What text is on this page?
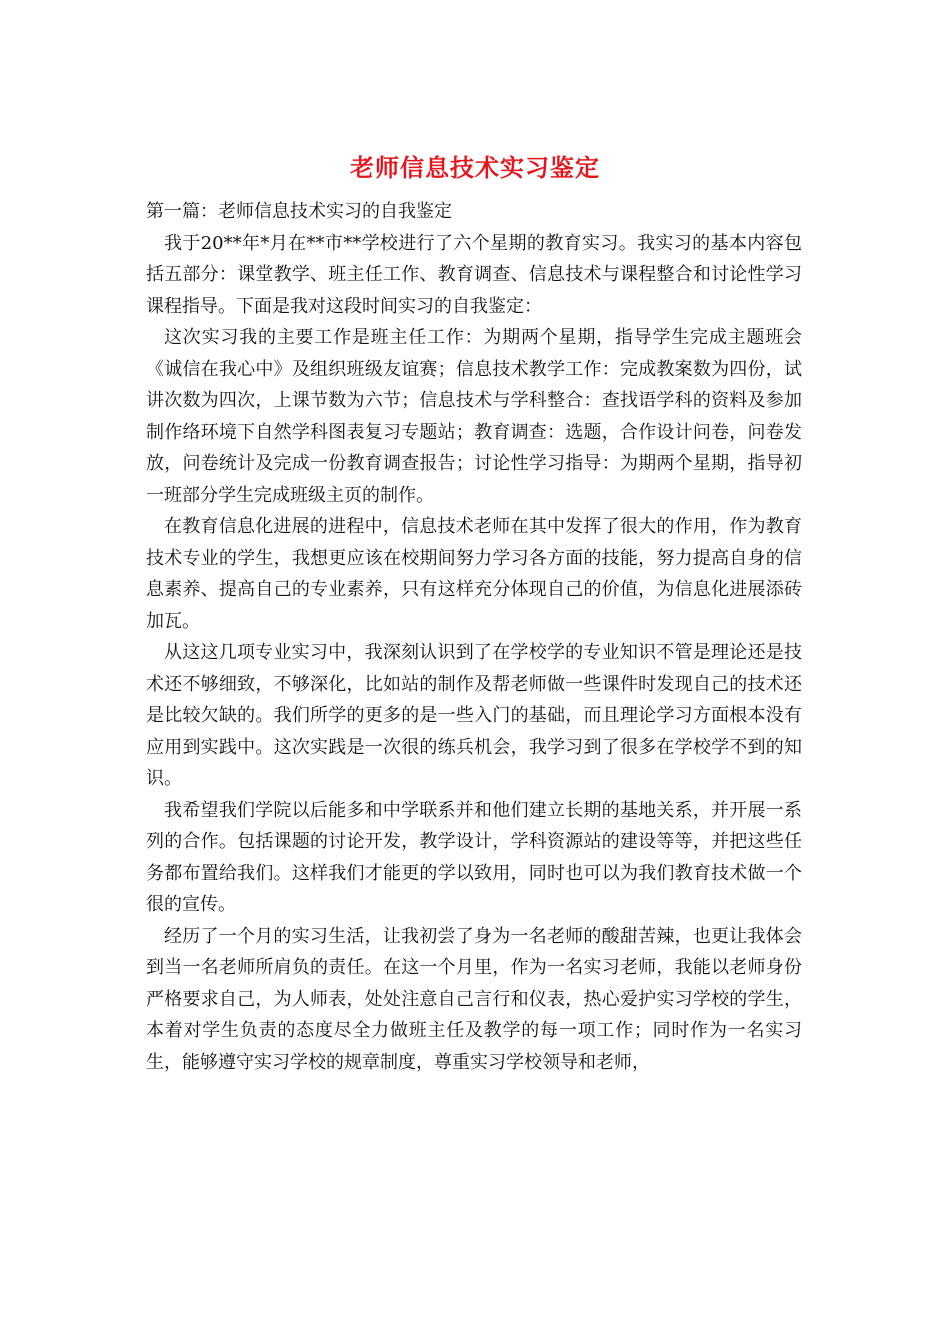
老师信息技术实习鉴定

第一篇：老师信息技术实习的自我鉴定

我于20**年*月在**市**学校进行了六个星期的教育实习。我实习的基本内容包括五部分：课堂教学、班主任工作、教育调查、信息技术与课程整合和讨论性学习课程指导。下面是我对这段时间实习的自我鉴定：

这次实习我的主要工作是班主任工作：为期两个星期，指导学生完成主题班会《诚信在我心中》及组织班级友谊赛；信息技术教学工作：完成教案数为四份，试讲次数为四次，上课节数为六节；信息技术与学科整合：查找语学科的资料及参加制作络环境下自然学科图表复习专题站；教育调查：选题，合作设计问卷，问卷发放，问卷统计及完成一份教育调查报告；讨论性学习指导：为期两个星期，指导初一班部分学生完成班级主页的制作。

在教育信息化进展的进程中，信息技术老师在其中发挥了很大的作用，作为教育技术专业的学生，我想更应该在校期间努力学习各方面的技能，努力提高自身的信息素养、提高自己的专业素养，只有这样充分体现自己的价值，为信息化进展添砖加瓦。

从这这几项专业实习中，我深刻认识到了在学校学的专业知识不管是理论还是技术还不够细致，不够深化，比如站的制作及帮老师做一些课件时发现自己的技术还是比较欠缺的。我们所学的更多的是一些入门的基础，而且理论学习方面根本没有应用到实践中。这次实践是一次很的练兵机会，我学习到了很多在学校学不到的知识。

我希望我们学院以后能多和中学联系并和他们建立长期的基地关系，并开展一系列的合作。包括课题的讨论开发，教学设计，学科资源站的建设等等，并把这些任务都布置给我们。这样我们才能更的学以致用，同时也可以为我们教育技术做一个很的宣传。

经历了一个月的实习生活，让我初尝了身为一名老师的酸甜苦辣，也更让我体会到当一名老师所肩负的责任。在这一个月里，作为一名实习老师，我能以老师身份严格要求自己，为人师表，处处注意自己言行和仪表，热心爱护实习学校的学生，本着对学生负责的态度尽全力做班主任及教学的每一项工作；同时作为一名实习生，能够遵守实习学校的规章制度，尊重实习学校领导和老师，
